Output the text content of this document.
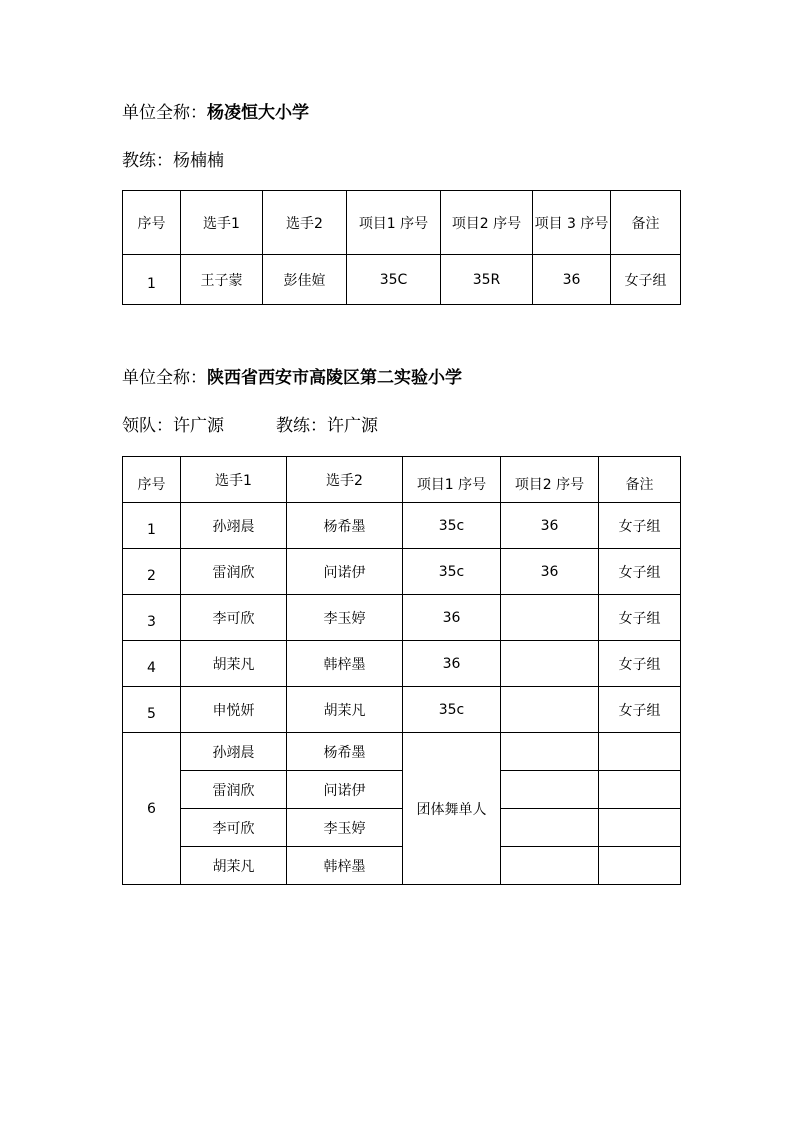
单位全称：杨凌恒大小学
教练：杨楠楠
序号	选手1	选手2	项目1 序号	项目2 序号	项目 3 序号	备注
1	王子蒙	彭佳媗	35C	35R	36	女子组
单位全称：陕西省西安市高陵区第二实验小学
领队：许广源	教练：许广源
序号	选手1	选手2	项目1 序号	项目2 序号	备注
1	孙翊晨	杨希墨	35c	36	女子组
2	雷润欣	问诺伊	35c	36	女子组
3	李可欣	李玉婷	36		女子组
4	胡茉凡	韩梓墨	36		女子组
5	申悦妍	胡茉凡	35c		女子组
6	孙翊晨	杨希墨	团体舞单人		
	雷润欣	问诺伊			
	李可欣	李玉婷			
	胡茉凡	韩梓墨			
